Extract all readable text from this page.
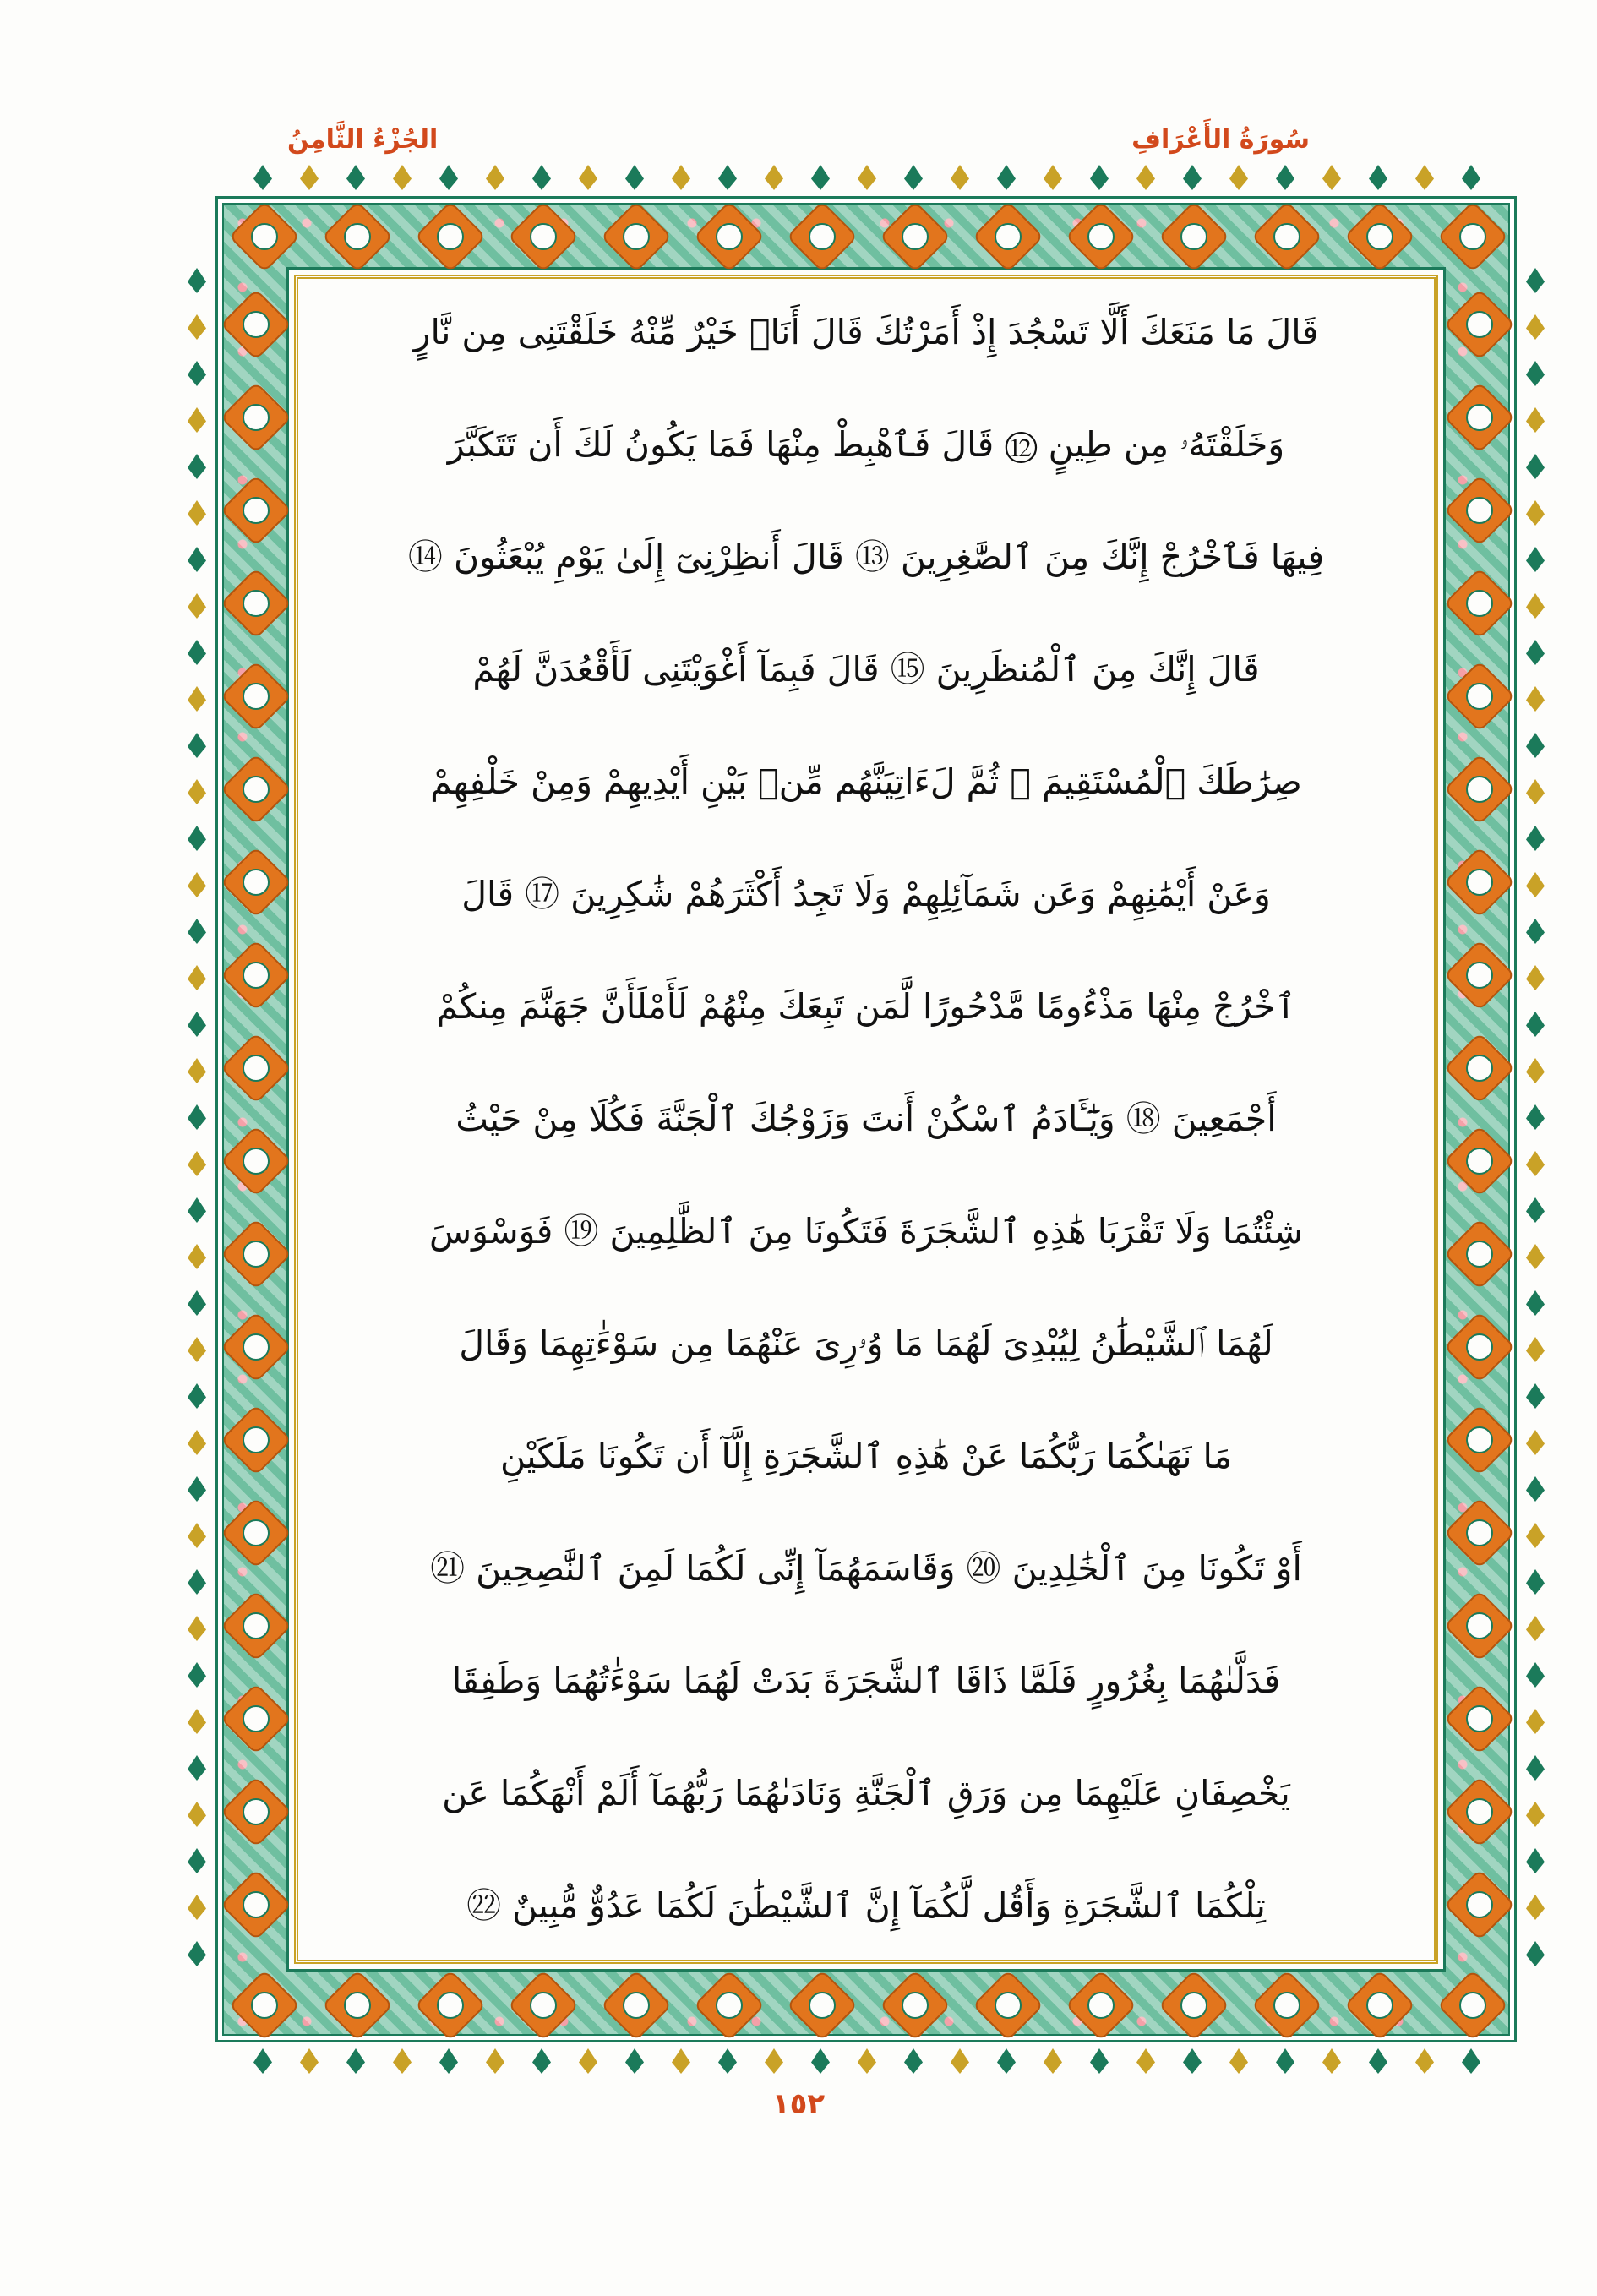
سُورَةُ الأَعْرَافِ
الجُزْءُ الثَّامِنُ
قَالَ مَا مَنَعَكَ أَلَّا تَسْجُدَ إِذْ أَمَرْتُكَ قَالَ أَنَا۠ خَيْرٌ مِّنْهُ خَلَقْتَنِى مِن نَّارٍ
وَخَلَقْتَهُۥ مِن طِينٍ ⑫ قَالَ فَٱهْبِطْ مِنْهَا فَمَا يَكُونُ لَكَ أَن تَتَكَبَّرَ
فِيهَا فَٱخْرُجْ إِنَّكَ مِنَ ٱلصَّٰغِرِينَ ⑬ قَالَ أَنظِرْنِىٓ إِلَىٰ يَوْمِ يُبْعَثُونَ ⑭
قَالَ إِنَّكَ مِنَ ٱلْمُنظَرِينَ ⑮ قَالَ فَبِمَآ أَغْوَيْتَنِى لَأَقْعُدَنَّ لَهُمْ
صِرَٰطَكَ ٱلْمُسْتَقِيمَ ⑯ ثُمَّ لَءَاتِيَنَّهُم مِّنۢ بَيْنِ أَيْدِيهِمْ وَمِنْ خَلْفِهِمْ
وَعَنْ أَيْمَٰنِهِمْ وَعَن شَمَآئِلِهِمْ وَلَا تَجِدُ أَكْثَرَهُمْ شَٰكِرِينَ ⑰ قَالَ
ٱخْرُجْ مِنْهَا مَذْءُومًا مَّدْحُورًا لَّمَن تَبِعَكَ مِنْهُمْ لَأَمْلَأَنَّ جَهَنَّمَ مِنكُمْ
أَجْمَعِينَ ⑱ وَيَٰٓـَٔادَمُ ٱسْكُنْ أَنتَ وَزَوْجُكَ ٱلْجَنَّةَ فَكُلَا مِنْ حَيْثُ
شِئْتُمَا وَلَا تَقْرَبَا هَٰذِهِ ٱلشَّجَرَةَ فَتَكُونَا مِنَ ٱلظَّٰلِمِينَ ⑲ فَوَسْوَسَ
لَهُمَا ٱلشَّيْطَٰنُ لِيُبْدِىَ لَهُمَا مَا وُۥرِىَ عَنْهُمَا مِن سَوْءَٰتِهِمَا وَقَالَ
مَا نَهَىٰكُمَا رَبُّكُمَا عَنْ هَٰذِهِ ٱلشَّجَرَةِ إِلَّآ أَن تَكُونَا مَلَكَيْنِ
أَوْ تَكُونَا مِنَ ٱلْخَٰلِدِينَ ⑳ وَقَاسَمَهُمَآ إِنِّى لَكُمَا لَمِنَ ٱلنَّٰصِحِينَ ㉑
فَدَلَّىٰهُمَا بِغُرُورٍ فَلَمَّا ذَاقَا ٱلشَّجَرَةَ بَدَتْ لَهُمَا سَوْءَٰتُهُمَا وَطَفِقَا
يَخْصِفَانِ عَلَيْهِمَا مِن وَرَقِ ٱلْجَنَّةِ وَنَادَىٰهُمَا رَبُّهُمَآ أَلَمْ أَنْهَكُمَا عَن
تِلْكُمَا ٱلشَّجَرَةِ وَأَقُل لَّكُمَآ إِنَّ ٱلشَّيْطَٰنَ لَكُمَا عَدُوٌّ مُّبِينٌ ㉒
١٥٢
